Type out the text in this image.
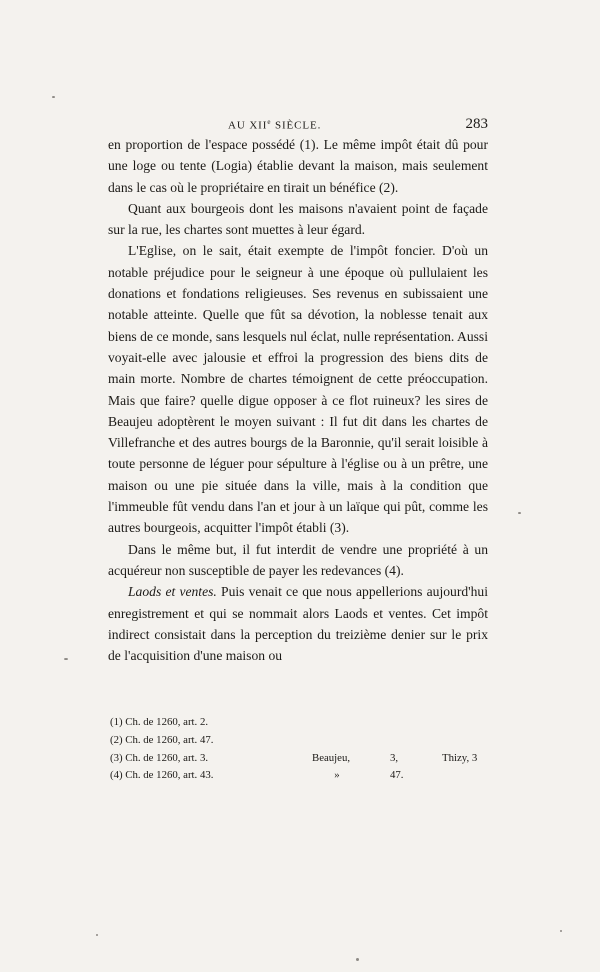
AU XIIe SIÈCLE.	283

en proportion de l'espace possédé (1). Le même impôt était dû pour une loge ou tente (Logia) établie devant la maison, mais seulement dans le cas où le propriétaire en tirait un bénéfice (2).

Quant aux bourgeois dont les maisons n'avaient point de façade sur la rue, les chartes sont muettes à leur égard.

L'Eglise, on le sait, était exempte de l'impôt foncier. D'où un notable préjudice pour le seigneur à une époque où pullulaient les donations et fondations religieuses. Ses revenus en subissaient une notable atteinte. Quelle que fût sa dévotion, la noblesse tenait aux biens de ce monde, sans lesquels nul éclat, nulle représentation. Aussi voyait-elle avec jalousie et effroi la progression des biens dits de main morte. Nombre de chartes témoignent de cette préoccupation. Mais que faire? quelle digue opposer à ce flot ruineux? les sires de Beaujeu adoptèrent le moyen suivant : Il fut dit dans les chartes de Villefranche et des autres bourgs de la Baronnie, qu'il serait loisible à toute personne de léguer pour sépulture à l'église ou à un prêtre, une maison ou une pie située dans la ville, mais à la condition que l'immeuble fût vendu dans l'an et jour à un laïque qui pût, comme les autres bourgeois, acquitter l'impôt établi (3).

Dans le même but, il fut interdit de vendre une propriété à un acquéreur non susceptible de payer les redevances (4).

Laods et ventes. Puis venait ce que nous appellerions aujourd'hui enregistrement et qui se nommait alors Laods et ventes. Cet impôt indirect consistait dans la perception du treizième denier sur le prix de l'acquisition d'une maison ou

(1) Ch. de 1260, art. 2.
(2) Ch. de 1260, art. 47.
(3) Ch. de 1260, art. 3.	Beaujeu,	3,	Thizy, 3
(4) Ch. de 1260, art. 43.	»	47.
